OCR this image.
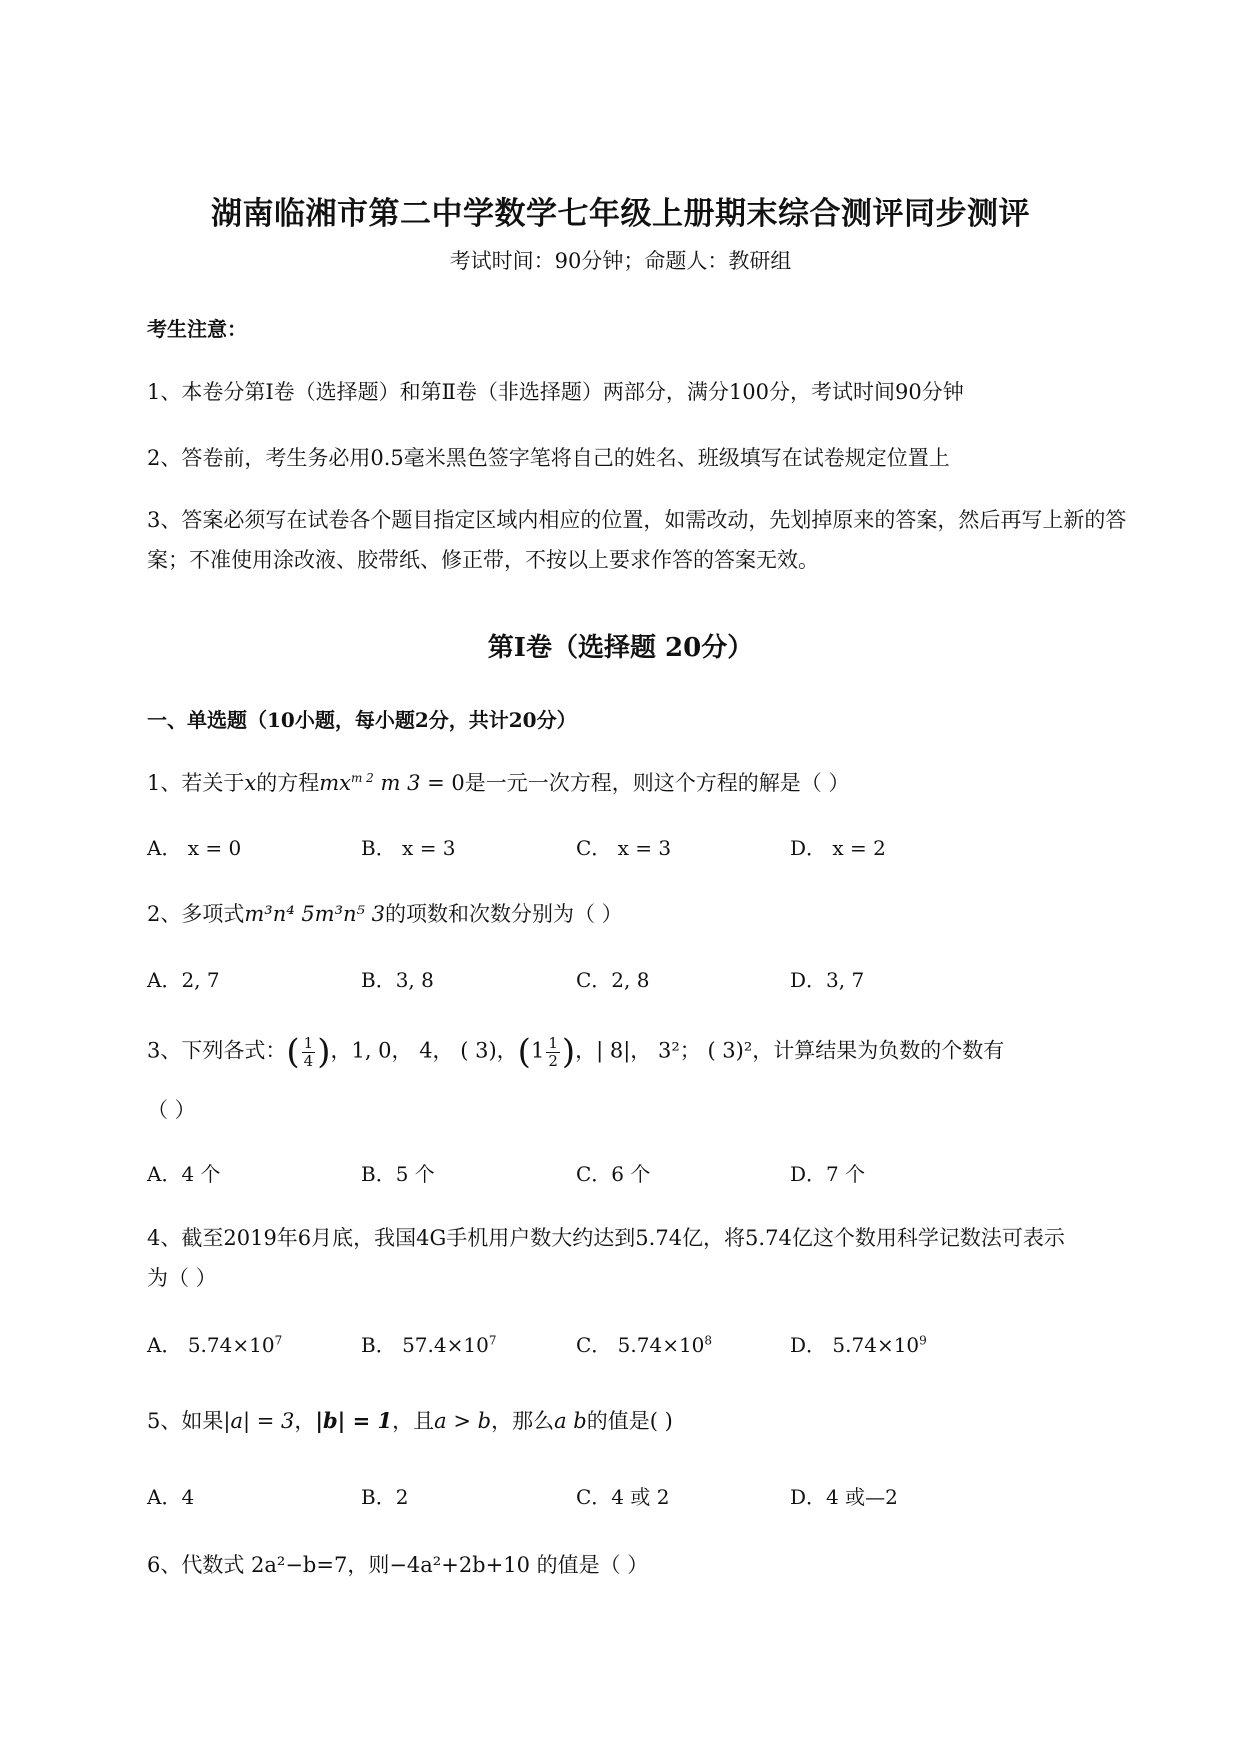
湖南临湘市第二中学数学七年级上册期末综合测评同步测评
考试时间：90分钟；命题人：教研组
考生注意：
1、本卷分第I卷（选择题）和第Ⅱ卷（非选择题）两部分，满分100分，考试时间90分钟
2、答卷前，考生务必用0.5毫米黑色签字笔将自己的姓名、班级填写在试卷规定位置上
3、答案必须写在试卷各个题目指定区域内相应的位置，如需改动，先划掉原来的答案，然后再写上新的答案；不准使用涂改液、胶带纸、修正带，不按以上要求作答的答案无效。
第I卷（选择题 20分）
一、单选题（10小题，每小题2分，共计20分）
1、若关于x的方程$mx^{m 2}$ m 3 = 0是一元一次方程，则这个方程的解是（ ）
A． x = 0	B． x = 3	C． x = 3	D． x = 2
2、多项式m³n⁴ 5m³n⁵ 3的项数和次数分别为（ ）
A．2, 7	B．3, 8	C．2, 8	D．3, 7
3、下列各式：( $\frac{1}{4}$ )，1, 0， 4， ( 3)，($1 \frac{1}{2}$ )，| 8|， 3²； ( 3)²，计算结果为负数的个数有
（ ）
A．4 个	B．5 个	C．6 个	D．7 个
4、截至2019年6月底，我国4G手机用户数大约达到5.74亿，将5.74亿这个数用科学记数法可表示
为（ ）
A． $5.74\times 10^7$	B． $57.4\times 10^7$	C． $5.74\times 10^8$	D． $5.74\times 10^9$
5、如果|a| = 3，|b| = 1，且a > b，那么a b的值是( )
A．4	B．2	C．4 或 2	D．4 或—2
6、代数式 2a²−b=7，则−4a²+2b+10 的值是（ ）
